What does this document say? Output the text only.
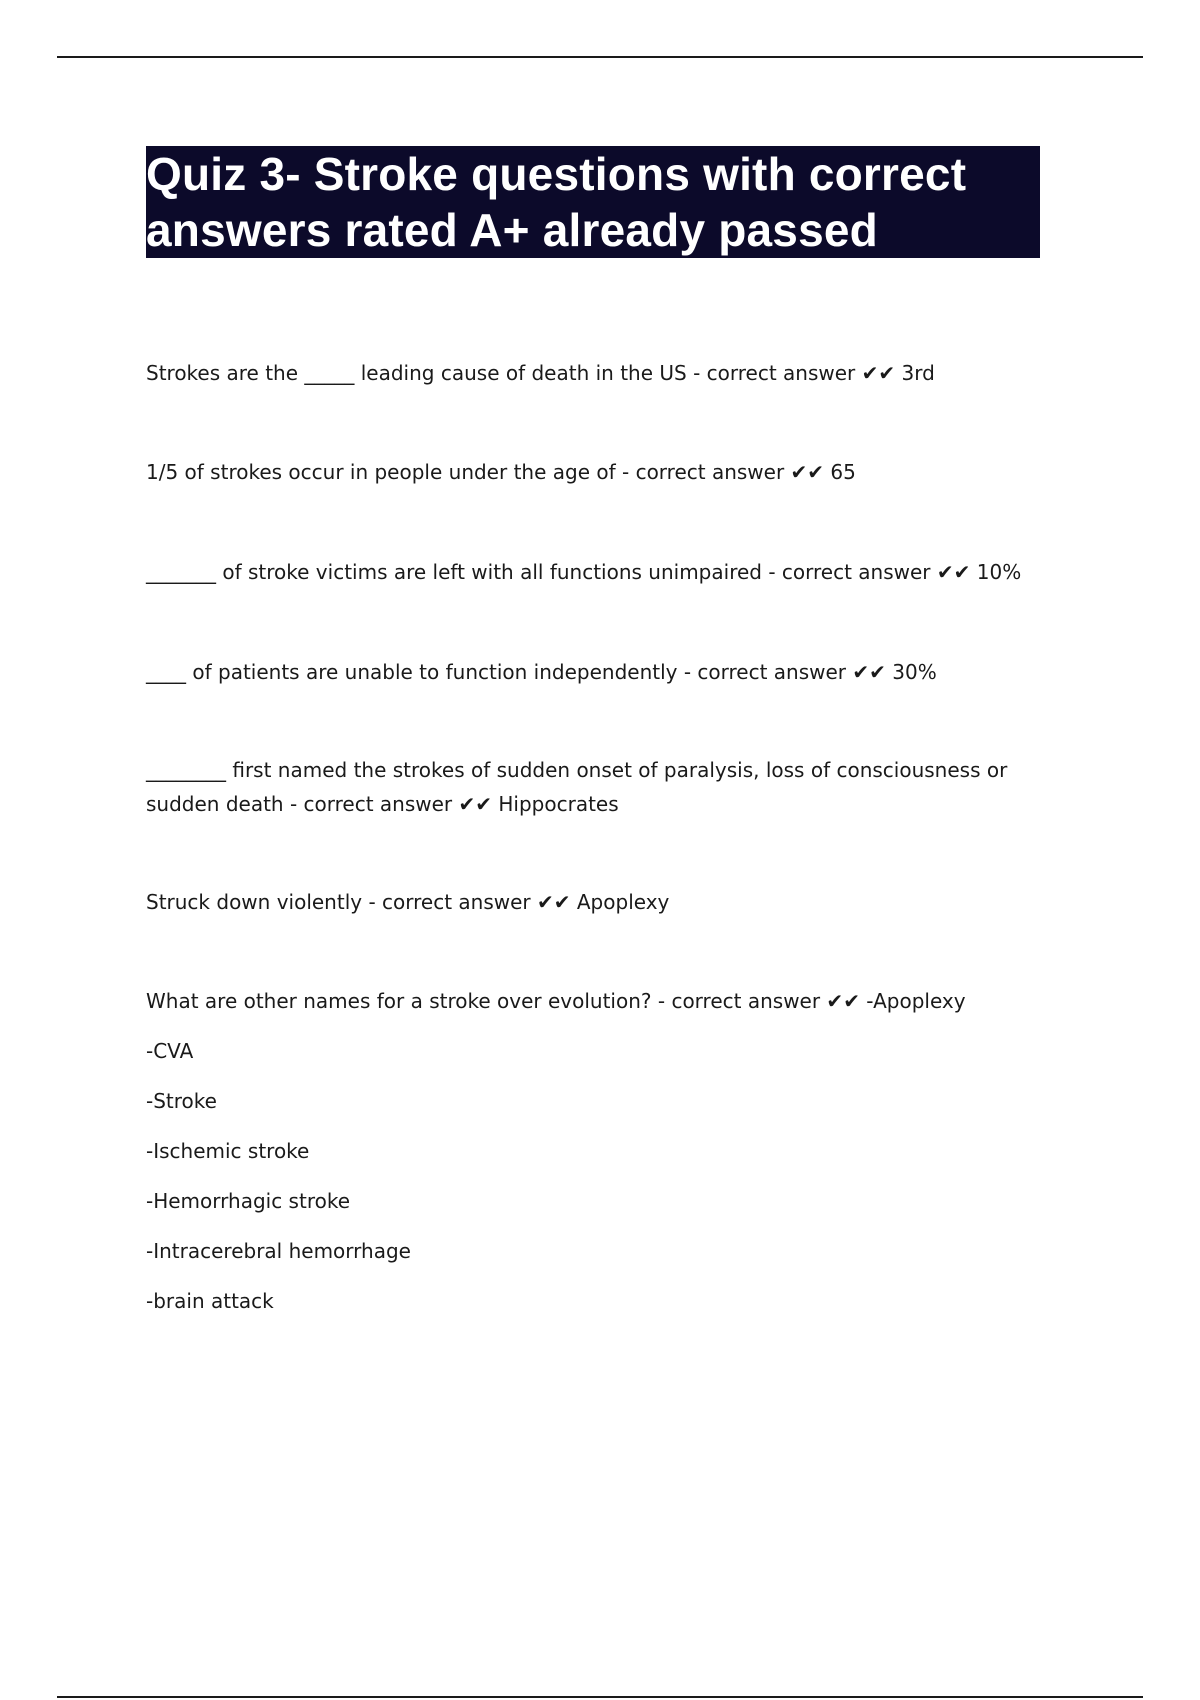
Quiz 3- Stroke questions with correct answers rated A+ already passed

Strokes are the _____ leading cause of death in the US - correct answer ✔✔ 3rd

1/5 of strokes occur in people under the age of - correct answer ✔✔ 65

_______ of stroke victims are left with all functions unimpaired - correct answer ✔✔ 10%

____ of patients are unable to function independently - correct answer ✔✔ 30%

________ first named the strokes of sudden onset of paralysis, loss of consciousness or sudden death - correct answer ✔✔ Hippocrates

Struck down violently - correct answer ✔✔ Apoplexy

What are other names for a stroke over evolution? - correct answer ✔✔ -Apoplexy

-CVA

-Stroke

-Ischemic stroke

-Hemorrhagic stroke

-Intracerebral hemorrhage

-brain attack
